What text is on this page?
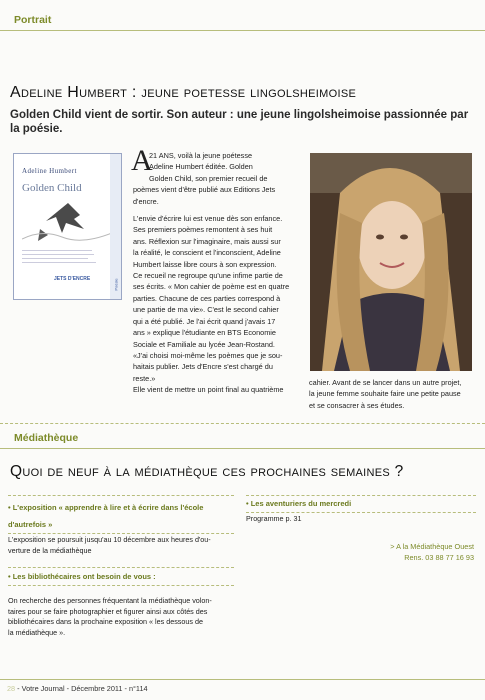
Portrait
Adeline Humbert : jeune poetesse lingolsheimoise
Golden Child vient de sortir. Son auteur : une jeune lingolsheimoise passionnée par la poésie.
Adeline Humbert
Golden Child
JETS D'ENCRE	Poésie
A
21 ANS, voilà la jeune poétesse
Adeline Humbert éditée. Golden
Golden Child, son premier recueil de
poèmes vient d'être publié aux Editions Jets
d'encre.
L'envie d'écrire lui est venue dès son enfance.
Ses premiers poèmes remontent à ses huit
ans. Réflexion sur l'imaginaire, mais aussi sur
la réalité, le conscient et l'inconscient, Adeline
Humbert laisse libre cours à son expression.
Ce recueil ne regroupe qu'une infime partie de
ses écrits. « Mon cahier de poème est en quatre
parties. Chacune de ces parties correspond à
une partie de ma vie». C'est le second cahier
qui a été publié. Je l'ai écrit quand j'avais 17
ans » explique l'étudiante en BTS Economie
Sociale et Familiale au lycée Jean-Rostand.
«J'ai choisi moi-même les poèmes que je sou-
haitais publier. Jets d'Encre s'est chargé du
reste.»
Elle vient de mettre un point final au quatrième
cahier. Avant de se lancer dans un autre projet,
la jeune femme souhaite faire une petite pause
et se consacrer à ses études.
Médiathèque
Quoi de neuf à la médiathèque ces prochaines semaines ?
• L'exposition « apprendre à lire et à écrire dans l'école
d'autrefois »
L'exposition se poursuit jusqu'au 10 décembre aux heures d'ou-
verture de la médiathèque
• Les bibliothécaires ont besoin de vous :
On recherche des personnes fréquentant la médiathèque volon-
taires pour se faire photographier et figurer ainsi aux côtés des
bibliothécaires dans la prochaine exposition « les dessous de
la médiathèque ».
• Les aventuriers du mercredi
Programme p. 31
> A la Médiathèque Ouest
Rens. 03 88 77 16 93
28 - Votre Journal - Décembre 2011 - n°114
